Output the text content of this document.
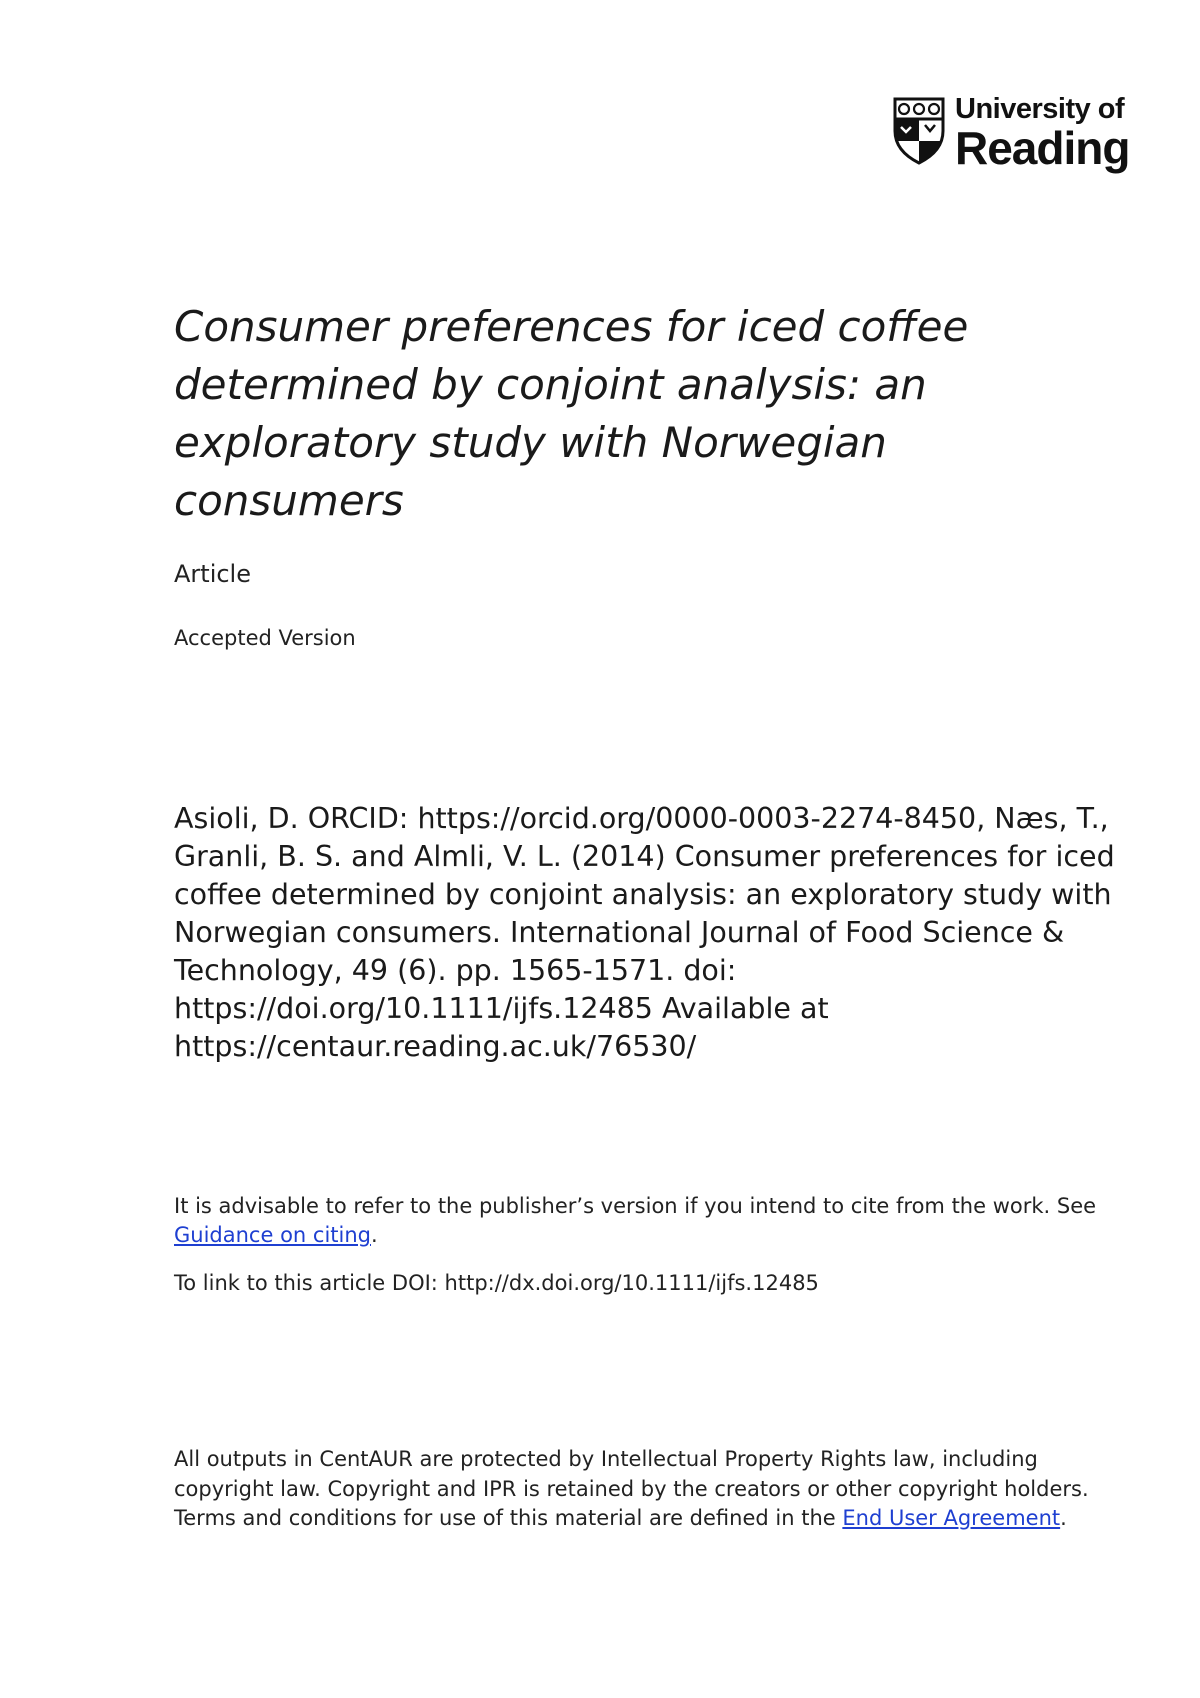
University of
Reading
Consumer preferences for iced coffee determined by conjoint analysis: an exploratory study with Norwegian consumers
Article
Accepted Version

Asioli, D. ORCID: https://orcid.org/0000-0003-2274-8450, Næs, T., Granli, B. S. and Almli, V. L. (2014) Consumer preferences for iced coffee determined by conjoint analysis: an exploratory study with Norwegian consumers. International Journal of Food Science & Technology, 49 (6). pp. 1565-1571. doi: https://doi.org/10.1111/ijfs.12485 Available at https://centaur.reading.ac.uk/76530/

It is advisable to refer to the publisher’s version if you intend to cite from the work. See Guidance on citing.

To link to this article DOI: http://dx.doi.org/10.1111/ijfs.12485

All outputs in CentAUR are protected by Intellectual Property Rights law, including copyright law. Copyright and IPR is retained by the creators or other copyright holders. Terms and conditions for use of this material are defined in the End User Agreement.
